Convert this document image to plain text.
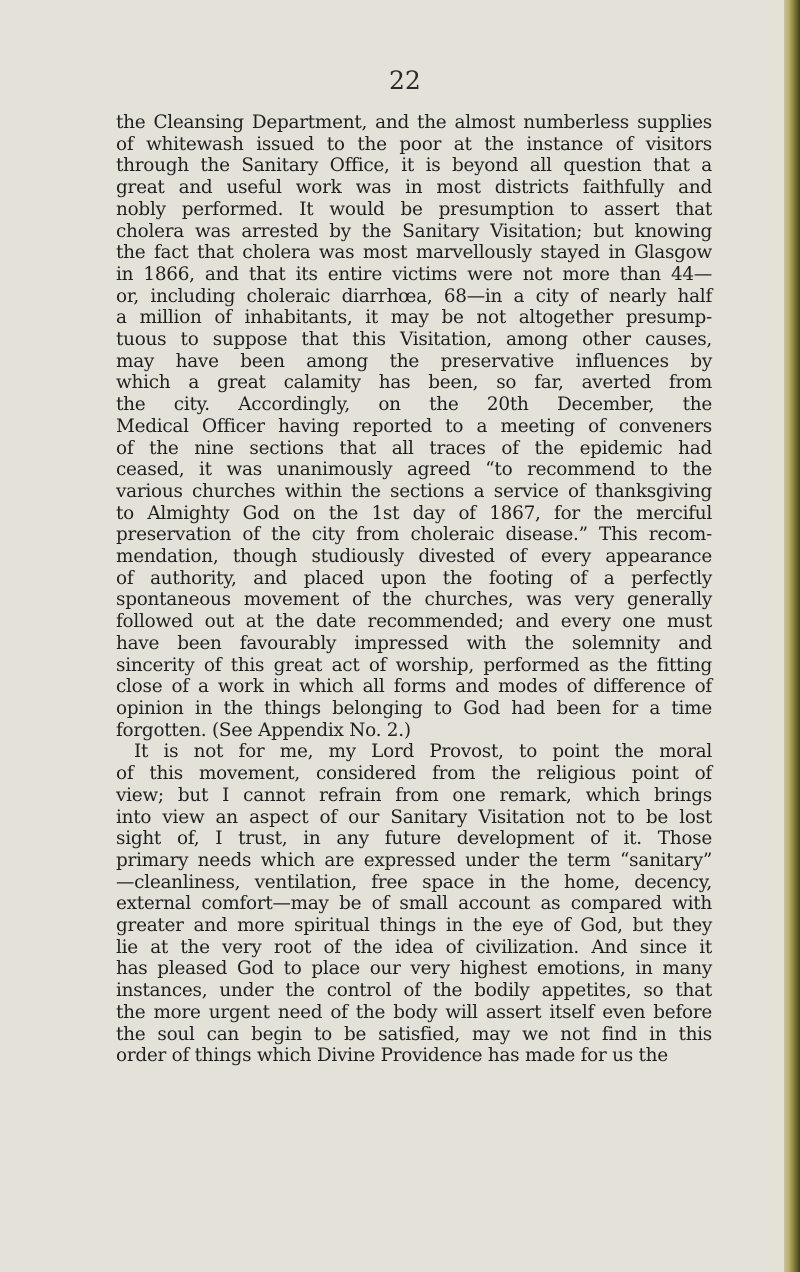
22

the Cleansing Department, and the almost numberless supplies
of whitewash issued to the poor at the instance of visitors
through the Sanitary Office, it is beyond all question that a
great and useful work was in most districts faithfully and
nobly performed. It would be presumption to assert that
cholera was arrested by the Sanitary Visitation; but knowing
the fact that cholera was most marvellously stayed in Glasgow
in 1866, and that its entire victims were not more than 44—
or, including choleraic diarrhœa, 68—in a city of nearly half
a million of inhabitants, it may be not altogether presump-
tuous to suppose that this Visitation, among other causes,
may have been among the preservative influences by
which a great calamity has been, so far, averted from
the city. Accordingly, on the 20th December, the
Medical Officer having reported to a meeting of conveners
of the nine sections that all traces of the epidemic had
ceased, it was unanimously agreed “to recommend to the
various churches within the sections a service of thanksgiving
to Almighty God on the 1st day of 1867, for the merciful
preservation of the city from choleraic disease.” This recom-
mendation, though studiously divested of every appearance
of authority, and placed upon the footing of a perfectly
spontaneous movement of the churches, was very generally
followed out at the date recommended; and every one must
have been favourably impressed with the solemnity and
sincerity of this great act of worship, performed as the fitting
close of a work in which all forms and modes of difference of
opinion in the things belonging to God had been for a time
forgotten. (See Appendix No. 2.)
It is not for me, my Lord Provost, to point the moral
of this movement, considered from the religious point of
view; but I cannot refrain from one remark, which brings
into view an aspect of our Sanitary Visitation not to be lost
sight of, I trust, in any future development of it. Those
primary needs which are expressed under the term “sanitary”
—cleanliness, ventilation, free space in the home, decency,
external comfort—may be of small account as compared with
greater and more spiritual things in the eye of God, but they
lie at the very root of the idea of civilization. And since it
has pleased God to place our very highest emotions, in many
instances, under the control of the bodily appetites, so that
the more urgent need of the body will assert itself even before
the soul can begin to be satisfied, may we not find in this
order of things which Divine Providence has made for us the
